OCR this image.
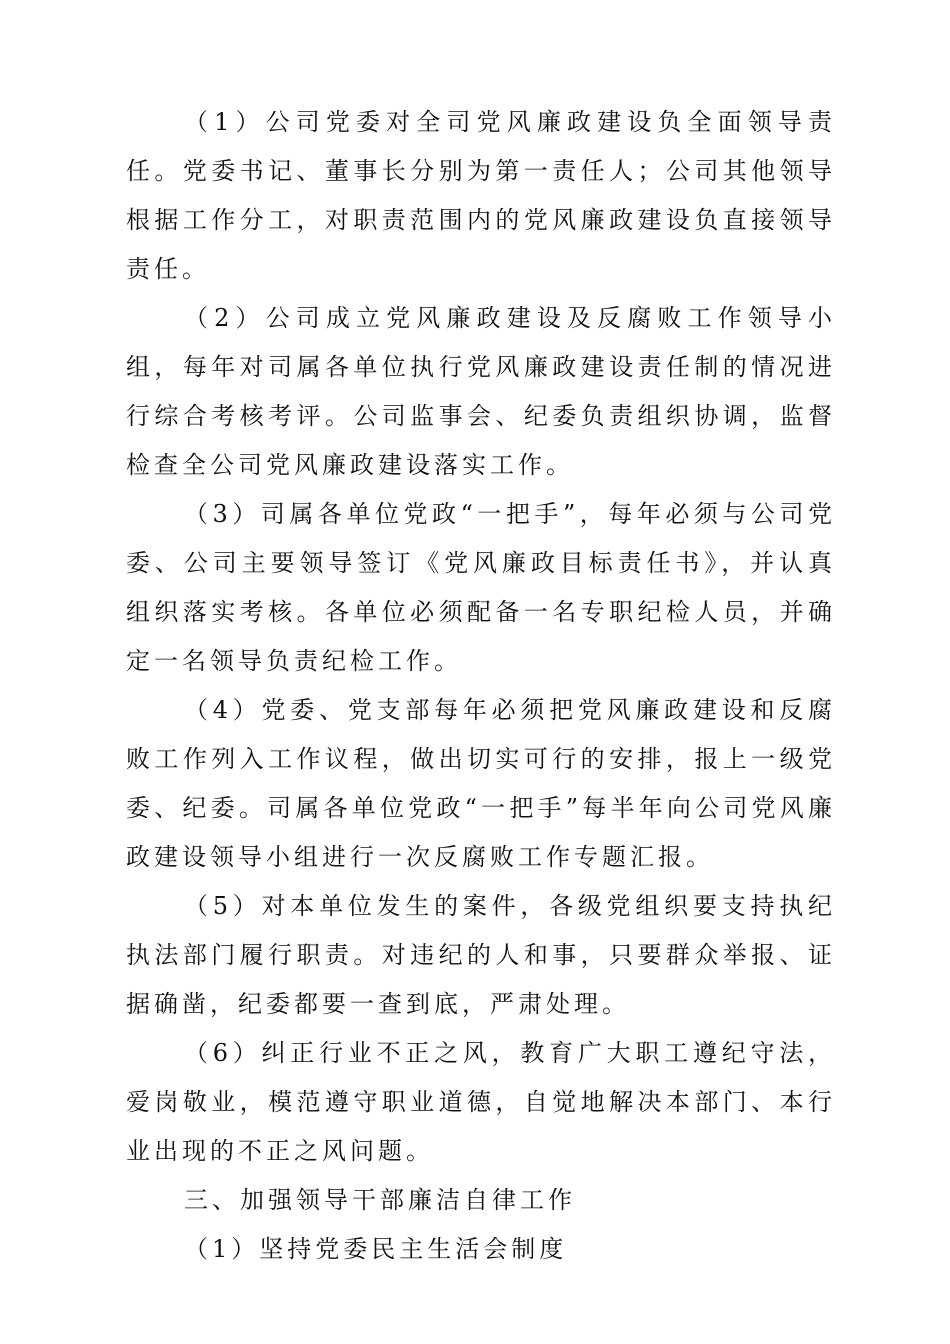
（1）公司党委对全司党风廉政建设负全面领导责任。党委书记、董事长分别为第一责任人；公司其他领导根据工作分工，对职责范围内的党风廉政建设负直接领导责任。

（2）公司成立党风廉政建设及反腐败工作领导小组，每年对司属各单位执行党风廉政建设责任制的情况进行综合考核考评。公司监事会、纪委负责组织协调，监督检查全公司党风廉政建设落实工作。

（3）司属各单位党政“一把手”，每年必须与公司党委、公司主要领导签订《党风廉政目标责任书》，并认真组织落实考核。各单位必须配备一名专职纪检人员，并确定一名领导负责纪检工作。

（4）党委、党支部每年必须把党风廉政建设和反腐败工作列入工作议程，做出切实可行的安排，报上一级党委、纪委。司属各单位党政“一把手”每半年向公司党风廉政建设领导小组进行一次反腐败工作专题汇报。

（5）对本单位发生的案件，各级党组织要支持执纪执法部门履行职责。对违纪的人和事，只要群众举报、证据确凿，纪委都要一查到底，严肃处理。

（6）纠正行业不正之风，教育广大职工遵纪守法，爱岗敬业，模范遵守职业道德，自觉地解决本部门、本行业出现的不正之风问题。

三、加强领导干部廉洁自律工作

（1）坚持党委民主生活会制度
